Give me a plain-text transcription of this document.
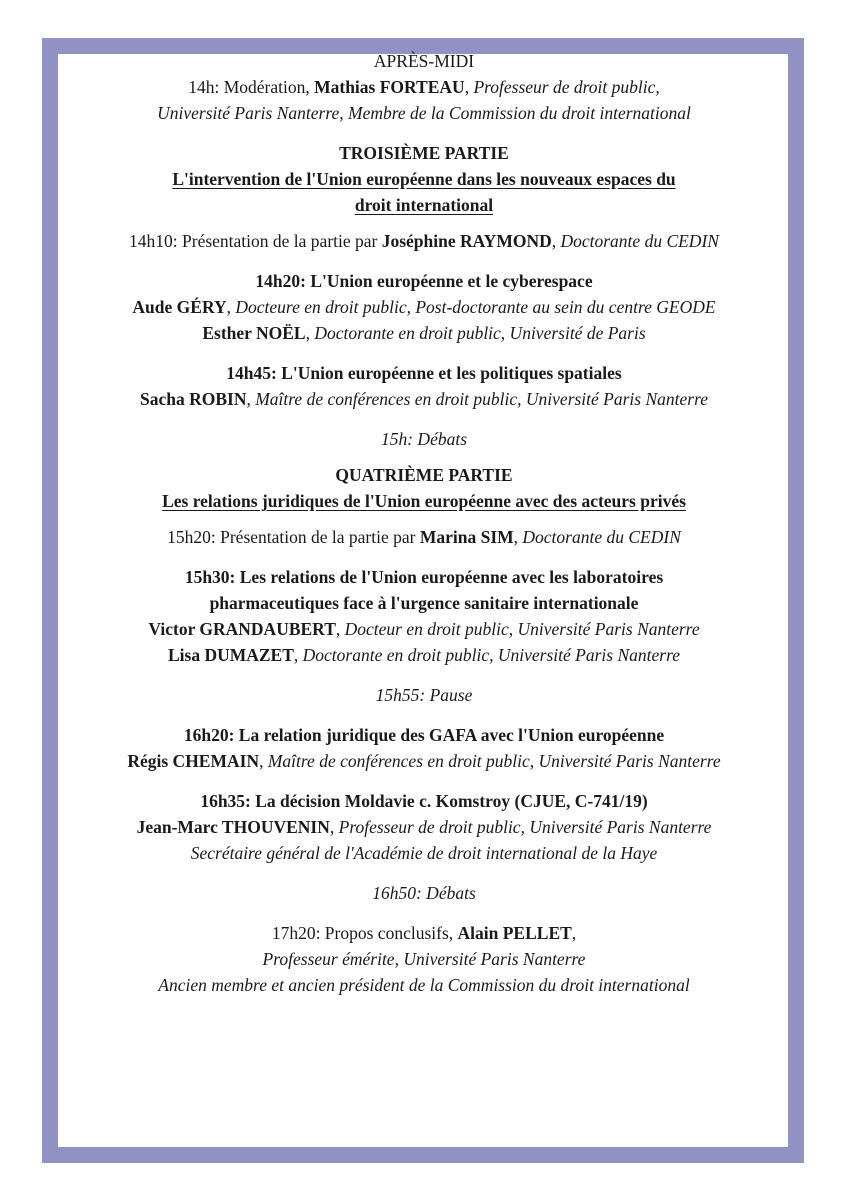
APRÈS-MIDI
14h: Modération, Mathias FORTEAU, Professeur de droit public,
Université Paris Nanterre, Membre de la Commission du droit international
TROISIÈME PARTIE
L'intervention de l'Union européenne dans les nouveaux espaces du
droit international
14h10: Présentation de la partie par Joséphine RAYMOND, Doctorante du CEDIN
14h20: L'Union européenne et le cyberespace
Aude GÉRY, Docteure en droit public, Post-doctorante au sein du centre GEODE
Esther NOËL, Doctorante en droit public, Université de Paris
14h45: L'Union européenne et les politiques spatiales
Sacha ROBIN, Maître de conférences en droit public, Université Paris Nanterre
15h: Débats
QUATRIÈME PARTIE
Les relations juridiques de l'Union européenne avec des acteurs privés
15h20: Présentation de la partie par Marina SIM, Doctorante du CEDIN
15h30: Les relations de l'Union européenne avec les laboratoires
pharmaceutiques face à l'urgence sanitaire internationale
Victor GRANDAUBERT, Docteur en droit public, Université Paris Nanterre
Lisa DUMAZET, Doctorante en droit public, Université Paris Nanterre
15h55: Pause
16h20: La relation juridique des GAFA avec l'Union européenne
Régis CHEMAIN, Maître de conférences en droit public, Université Paris Nanterre
16h35: La décision Moldavie c. Komstroy (CJUE, C-741/19)
Jean-Marc THOUVENIN, Professeur de droit public, Université Paris Nanterre
Secrétaire général de l'Académie de droit international de la Haye
16h50: Débats
17h20: Propos conclusifs, Alain PELLET,
Professeur émérite, Université Paris Nanterre
Ancien membre et ancien président de la Commission du droit international
